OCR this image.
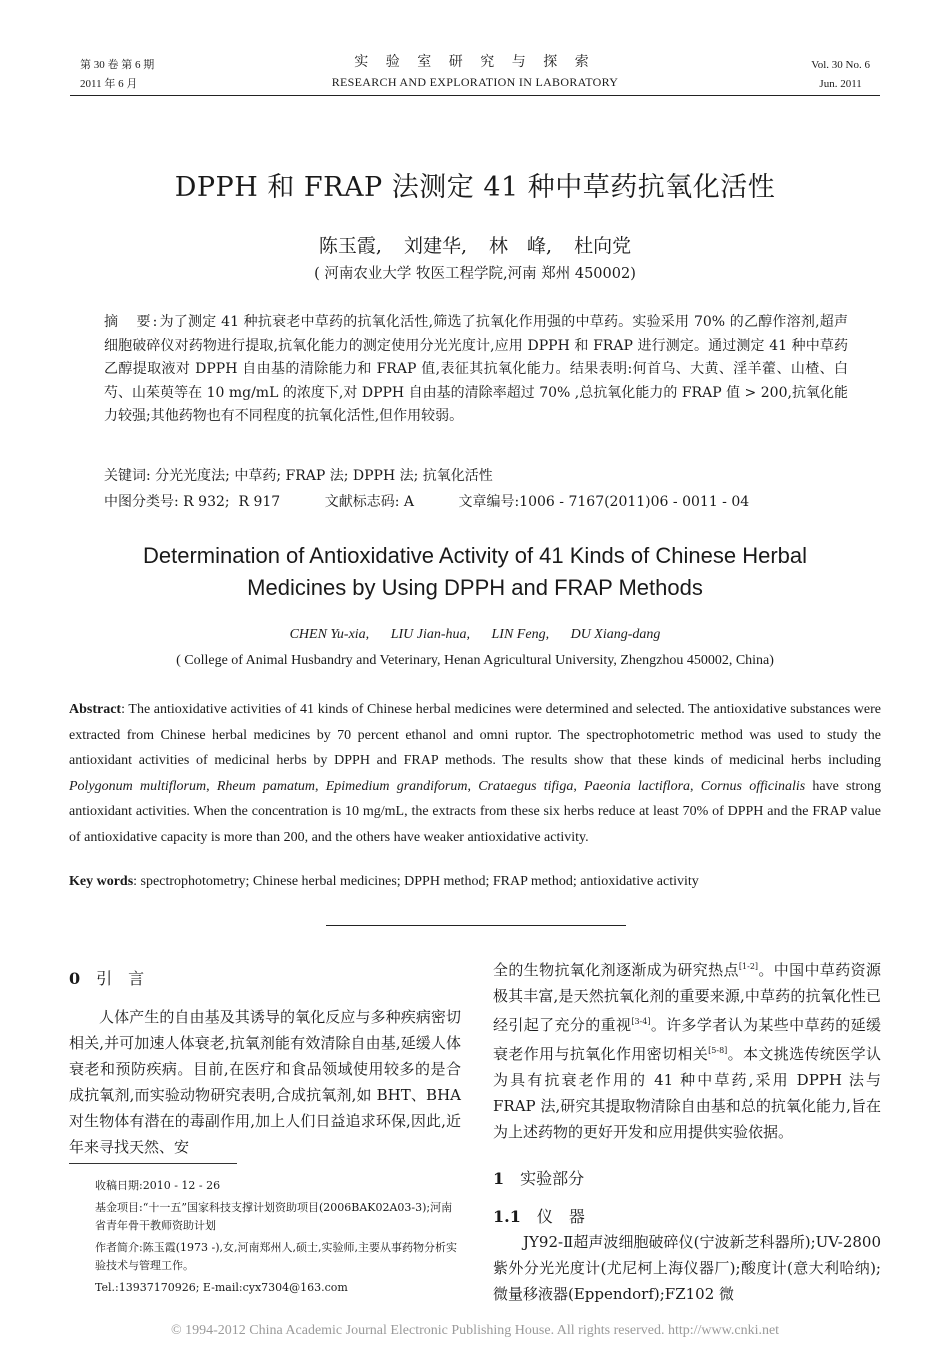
第 30 卷 第 6 期
2011 年 6 月
实 验 室 研 究 与 探 索
RESEARCH AND EXPLORATION IN LABORATORY
Vol. 30 No. 6
Jun. 2011
DPPH 和 FRAP 法测定 41 种中草药抗氧化活性
陈玉霞, 刘建华, 林　峰, 杜向党
( 河南农业大学 牧医工程学院,河南 郑州 450002)
摘　要:为了测定 41 种抗衰老中草药的抗氧化活性,筛选了抗氧化作用强的中草药。实验采用 70% 的乙醇作溶剂,超声细胞破碎仪对药物进行提取,抗氧化能力的测定使用分光光度计,应用 DPPH 和 FRAP 进行测定。通过测定 41 种中草药乙醇提取液对 DPPH 自由基的清除能力和 FRAP 值,表征其抗氧化能力。结果表明:何首乌、大黄、淫羊藿、山楂、白芍、山茱萸等在 10 mg/mL 的浓度下,对 DPPH 自由基的清除率超过 70% ,总抗氧化能力的 FRAP 值 > 200,抗氧化能力较强;其他药物也有不同程度的抗氧化活性,但作用较弱。
关键词: 分光光度法; 中草药; FRAP 法; DPPH 法; 抗氧化活性
中图分类号: R 932;  R 917          文献标志码: A          文章编号:1006 - 7167(2011)06 - 0011 - 04
Determination of Antioxidative Activity of 41 Kinds of Chinese Herbal
Medicines by Using DPPH and FRAP Methods
CHEN Yu-xia, LIU Jian-hua, LIN Feng, DU Xiang-dang
( College of Animal Husbandry and Veterinary, Henan Agricultural University, Zhengzhou 450002, China)
Abstract: The antioxidative activities of 41 kinds of Chinese herbal medicines were determined and selected. The antioxidative substances were extracted from Chinese herbal medicines by 70 percent ethanol and omni ruptor. The spectrophotometric method was used to study the antioxidant activities of medicinal herbs by DPPH and FRAP methods. The results show that these kinds of medicinal herbs including Polygonum multiflorum, Rheum pamatum, Epimedium grandiforum, Crataegus tifiga, Paeonia lactiflora, Cornus officinalis have strong antioxidant activities. When the concentration is 10 mg/mL, the extracts from these six herbs reduce at least 70% of DPPH and the FRAP value of antioxidative capacity is more than 200, and the others have weaker antioxidative activity.
Key words: spectrophotometry; Chinese herbal medicines; DPPH method; FRAP method; antioxidative activity
0 引　言
人体产生的自由基及其诱导的氧化反应与多种疾病密切相关,并可加速人体衰老,抗氧剂能有效清除自由基,延缓人体衰老和预防疾病。目前,在医疗和食品领域使用较多的是合成抗氧剂,而实验动物研究表明,合成抗氧剂,如 BHT、BHA 对生物体有潜在的毒副作用,加上人们日益追求环保,因此,近年来寻找天然、安
收稿日期:2010 - 12 - 26
基金项目:“十一五”国家科技支撑计划资助项目(2006BAK02A03-3);河南省青年骨干教师资助计划
作者简介:陈玉霞(1973 -),女,河南郑州人,硕士,实验师,主要从事药物分析实验技术与管理工作。
Tel.:13937170926; E-mail:cyx7304@163.com
全的生物抗氧化剂逐渐成为研究热点[1-2]。中国中草药资源极其丰富,是天然抗氧化剂的重要来源,中草药的抗氧化性已经引起了充分的重视[3-4]。许多学者认为某些中草药的延缓衰老作用与抗氧化作用密切相关[5-8]。本文挑选传统医学认为具有抗衰老作用的 41 种中草药,采用 DPPH 法与 FRAP 法,研究其提取物清除自由基和总的抗氧化能力,旨在为上述药物的更好开发和应用提供实验依据。
1 实验部分
1.1 仪　器
JY92-Ⅱ超声波细胞破碎仪(宁波新芝科器所);UV-2800 紫外分光光度计(尤尼柯上海仪器厂);酸度计(意大利哈纳);微量移液器(Eppendorf);FZ102 微
© 1994-2012 China Academic Journal Electronic Publishing House. All rights reserved. http://www.cnki.net
